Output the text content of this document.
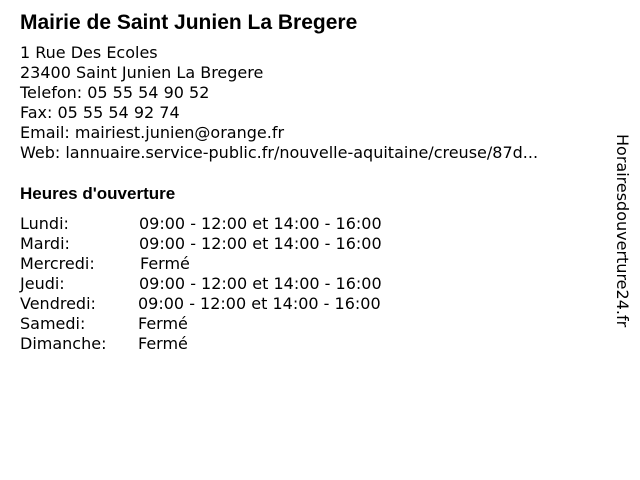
Mairie de Saint Junien La Bregere
1 Rue Des Ecoles
23400 Saint Junien La Bregere
Telefon: 05 55 54 90 52
Fax: 05 55 54 92 74
Email: mairiest.junien@orange.fr
Web: lannuaire.service-public.fr/nouvelle-aquitaine/creuse/87d...
Heures d'ouverture
Lundi:	09:00 - 12:00 et 14:00 - 16:00
Mardi:	09:00 - 12:00 et 14:00 - 16:00
Mercredi:	Fermé
Jeudi:	09:00 - 12:00 et 14:00 - 16:00
Vendredi:	09:00 - 12:00 et 14:00 - 16:00
Samedi:	Fermé
Dimanche: Fermé
Horairesdouverture24.fr
